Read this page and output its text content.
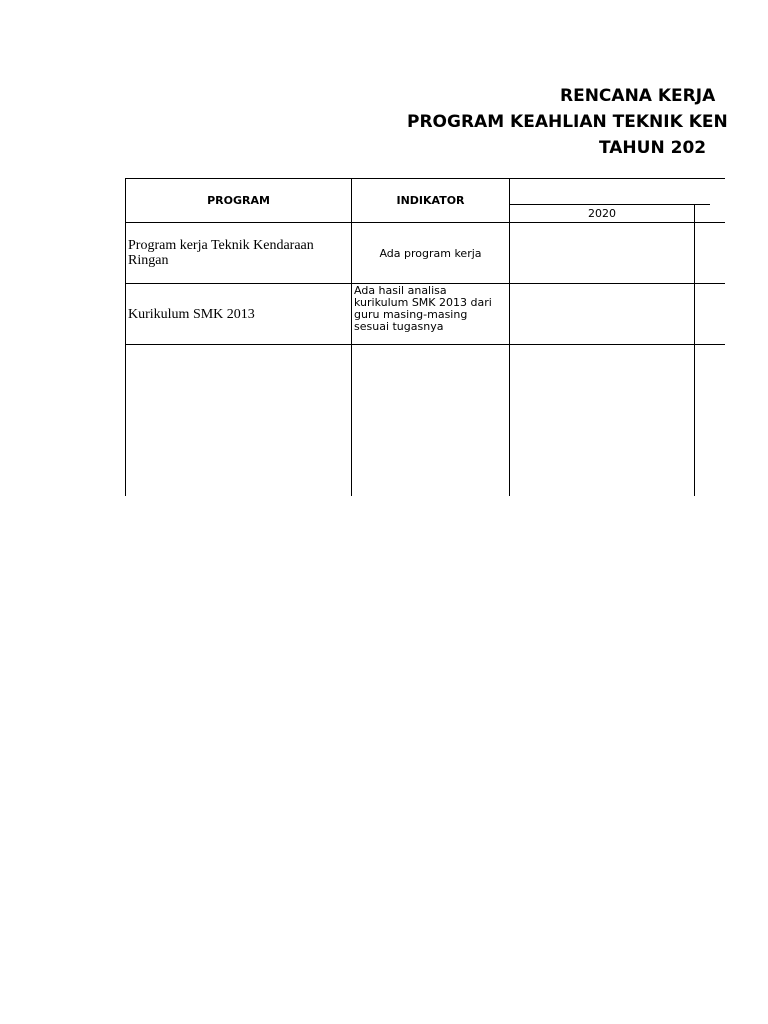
RENCANA KERJA
PROGRAM KEAHLIAN TEKNIK KEN
TAHUN 202
PROGRAM	INDIKATOR
2020
Program kerja Teknik Kendaraan Ringan	Ada program kerja
Kurikulum SMK 2013
Ada hasil analisa kurikulum SMK 2013 dari guru masing-masing sesuai tugasnya
